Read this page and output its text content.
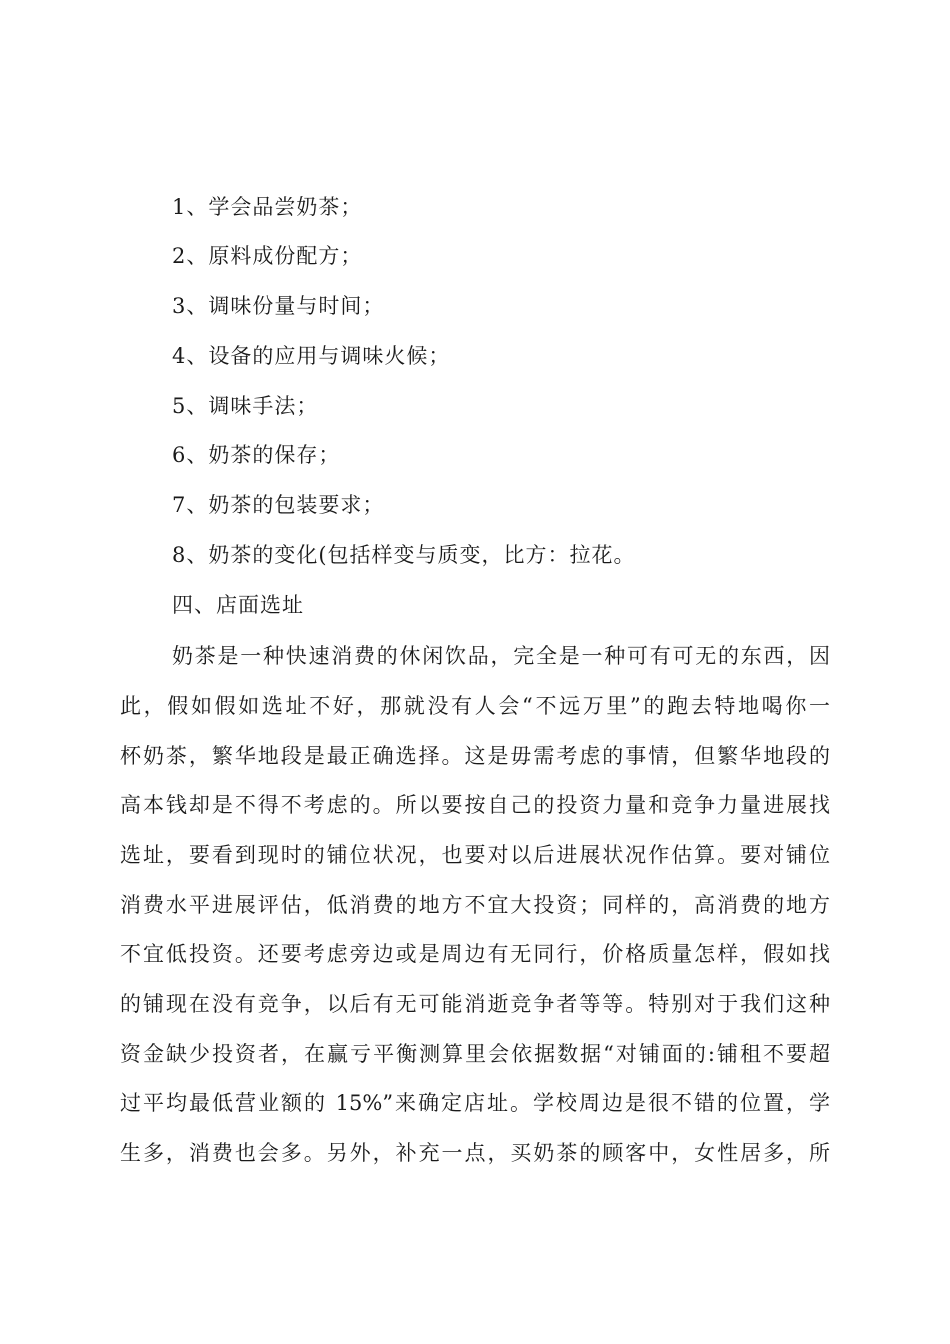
1、学会品尝奶茶；
2、原料成份配方；
3、调味份量与时间；
4、设备的应用与调味火候；
5、调味手法；
6、奶茶的保存；
7、奶茶的包装要求；
8、奶茶的变化(包括样变与质变，比方：拉花。
四、店面选址
奶茶是一种快速消费的休闲饮品，完全是一种可有可无的东西，因
此，假如假如选址不好，那就没有人会“不远万里”的跑去特地喝你一
杯奶茶，繁华地段是最正确选择。这是毋需考虑的事情，但繁华地段的
高本钱却是不得不考虑的。所以要按自己的投资力量和竞争力量进展找
选址，要看到现时的铺位状况，也要对以后进展状况作估算。要对铺位
消费水平进展评估，低消费的地方不宜大投资；同样的，高消费的地方
不宜低投资。还要考虑旁边或是周边有无同行，价格质量怎样，假如找
的铺现在没有竞争，以后有无可能消逝竞争者等等。特别对于我们这种
资金缺少投资者，在赢亏平衡测算里会依据数据“对铺面的:铺租不要超
过平均最低营业额的 15%”来确定店址。学校周边是很不错的位置，学
生多，消费也会多。另外，补充一点，买奶茶的顾客中，女性居多，所
